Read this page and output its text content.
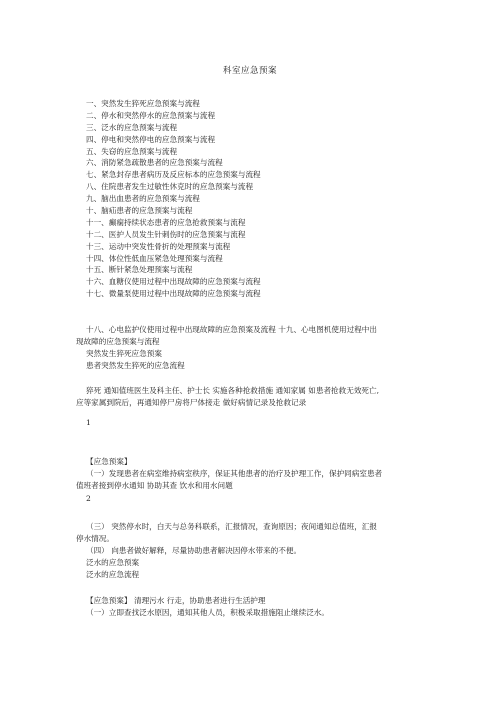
科室应急预案
一、突然发生猝死应急预案与流程
二、停水和突然停水的应急预案与流程
三、泛水的应急预案与流程
四、停电和突然停电的应急预案与流程
五、失窃的应急预案与流程
六、消防紧急疏散患者的应急预案与流程
七、紧急封存患者病历及反应标本的应急预案与流程
八、住院患者发生过敏性休克时的应急预案与流程
九、脑出血患者的应急预案与流程
十、脑疝患者的应急预案与流程
十一、癫痫持续状态患者的应急抢救预案与流程
十二、医护人员发生针刺伤时的应急预案与流程
十三、运动中突发性骨折的处理预案与流程
十四、体位性低血压紧急处理预案与流程
十五、断针紧急处理预案与流程
十六、血糖仪使用过程中出现故障的应急预案与流程
十七、微量泵使用过程中出现故障的应急预案与流程
十八、心电监护仪使用过程中出现故障的应急预案及流程 十九、心电图机使用过程中出
现故障的应急预案与流程
突然发生猝死应急预案
患者突然发生猝死的应急流程
猝死 通知值班医生及科主任、护士长 实施各种抢救措施 通知家属 如患者抢救无效死亡,
应等家属到院后，再通知停尸房将尸体接走 做好病情记录及抢救记录
1
【应急预案】
（一）发现患者在病室维持病室秩序，保证其他患者的治疗及护理工作，保护同病室患者
值班者接到停水通知 协助其查 饮水和用水问题
2
（三） 突然停水时，白天与总务科联系，汇报情况，查询原因；夜间通知总值班，汇报
停水情况。
（四） 向患者做好解释，尽量协助患者解决因停水带来的不便。
泛水的应急预案
泛水的应急流程
【应急预案】 清理污水 行走，协助患者进行生活护理
（一）立即查找泛水原因，通知其他人员，积极采取措施阻止继续泛水。
